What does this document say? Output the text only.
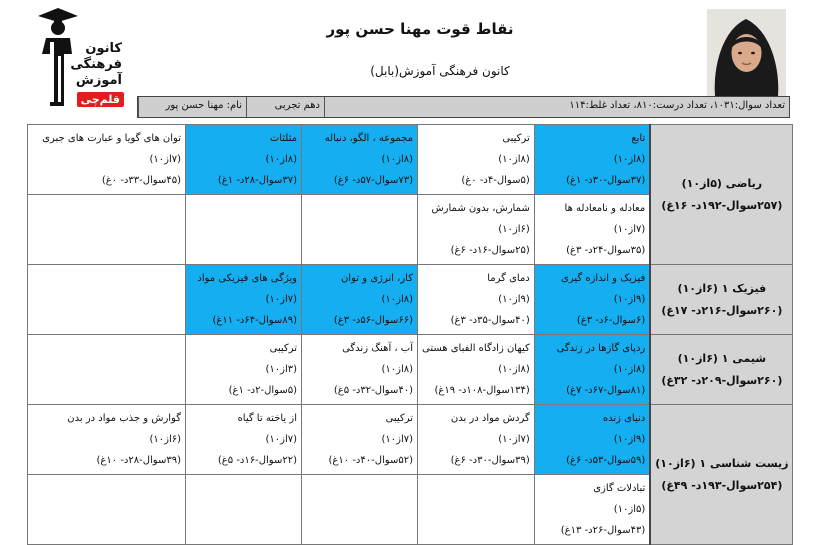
کانون
فرهنگی
آموزش
قلم‌چی
نقاط قوت مهنا حسن پور
کانون فرهنگی آموزش(بابل)
نام: مهنا حسن پور	دهم تجربی	تعداد سوال:۱۰۳۱، تعداد درست:۸۱۰، تعداد غلط:۱۱۴
توان های گویا و عبارت های جبری
(۷از۱۰)
(۴۵سوال-۳۳د- ۰غ)	مثلثات
(۸از۱۰)
(۳۷سوال-۲۸د- ۱غ)	مجموعه ، الگو، دنباله
(۸از۱۰)
(۷۳سوال-۵۷د- ۶غ)	ترکیبی
(۸از۱۰)
(۵سوال-۴د- ۰غ)	تابع
(۸از۱۰)
(۳۷سوال-۳۰د- ۱غ)	ریاضی (۵از۱۰)
(۲۵۷سوال-۱۹۲د- ۱۶غ)

			شمارش، بدون شمارش
(۶از۱۰)
(۲۵سوال-۱۶د- ۶غ)	معادله و نامعادله ها
(۷از۱۰)
(۳۵سوال-۲۴د- ۳غ)	

	ویژگی های فیزیکی مواد
(۷از۱۰)
(۸۹سوال-۶۴د- ۱۱غ)	کار، انرژی و توان
(۸از۱۰)
(۶۶سوال-۵۶د- ۳غ)	دمای گرما
(۹از۱۰)
(۴۰سوال-۳۵د- ۳غ)	فیزیک و اندازه گیری
(۹از۱۰)
(۶سوال-۶د- ۳غ)	فیزیک ۱ (۶از۱۰)
(۲۶۰سوال-۲۱۶د- ۱۷غ)

	ترکیبی
(۳از۱۰)
(۵سوال-۲د- ۱غ)	آب ، آهنگ زندگی
(۸از۱۰)
(۴۰سوال-۳۲د- ۵غ)	کیهان زادگاه الفبای هستی
(۸از۱۰)
(۱۳۴سوال-۱۰۸د- ۱۹غ)	ردپای گازها در زندگی
(۸از۱۰)
(۸۱سوال-۶۷د- ۷غ)	شیمی ۱ (۶از۱۰)
(۲۶۰سوال-۲۰۹د- ۳۲غ)

گوارش و جذب مواد در بدن
(۶از۱۰)
(۳۹سوال-۲۸د- ۱۰غ)	از یاخته تا گیاه
(۷از۱۰)
(۲۲سوال-۱۶د- ۵غ)	ترکیبی
(۷از۱۰)
(۵۲سوال-۴۰د- ۱۰غ)	گردش مواد در بدن
(۷از۱۰)
(۳۹سوال-۳۰د- ۶غ)	دنیای زنده
(۹از۱۰)
(۵۹سوال-۵۳د- ۶غ)	زیست شناسی ۱ (۶از۱۰)
(۲۵۴سوال-۱۹۳د- ۴۹غ)

				تبادلات گازی
(۵از۱۰)
(۴۳سوال-۲۶د- ۱۳غ)	
